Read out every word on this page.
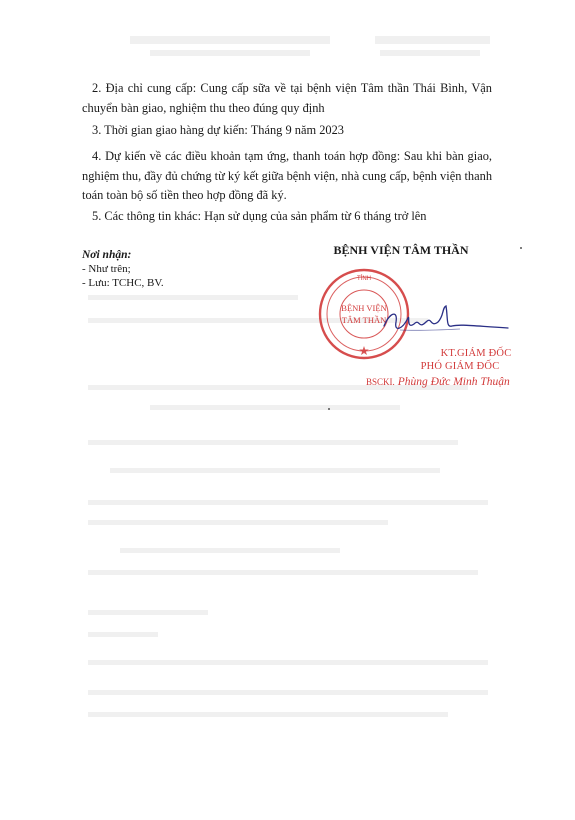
2. Địa chỉ cung cấp: Cung cấp sữa về tại bệnh viện Tâm thần Thái Bình, Vận chuyển bàn giao, nghiệm thu theo đúng quy định
3. Thời gian giao hàng dự kiến: Tháng 9 năm 2023
4. Dự kiến về các điều khoản tạm ứng, thanh toán hợp đồng: Sau khi bàn giao, nghiệm thu, đầy đủ chứng từ ký kết giữa bệnh viện, nhà cung cấp, bệnh viện thanh toán toàn bộ số tiền theo hợp đồng đã ký.
5. Các thông tin khác: Hạn sử dụng của sản phẩm từ 6 tháng trở lên
Nơi nhận:
- Như trên;
- Lưu: TCHC, BV.
BỆNH VIỆN TÂM THẦN
TỈNH
BỆNH VIỆN
TÂM THẦN
KT.GIÁM ĐỐC
PHÓ GIÁM ĐỐC
BSCKI. Phùng Đức Minh Thuận
